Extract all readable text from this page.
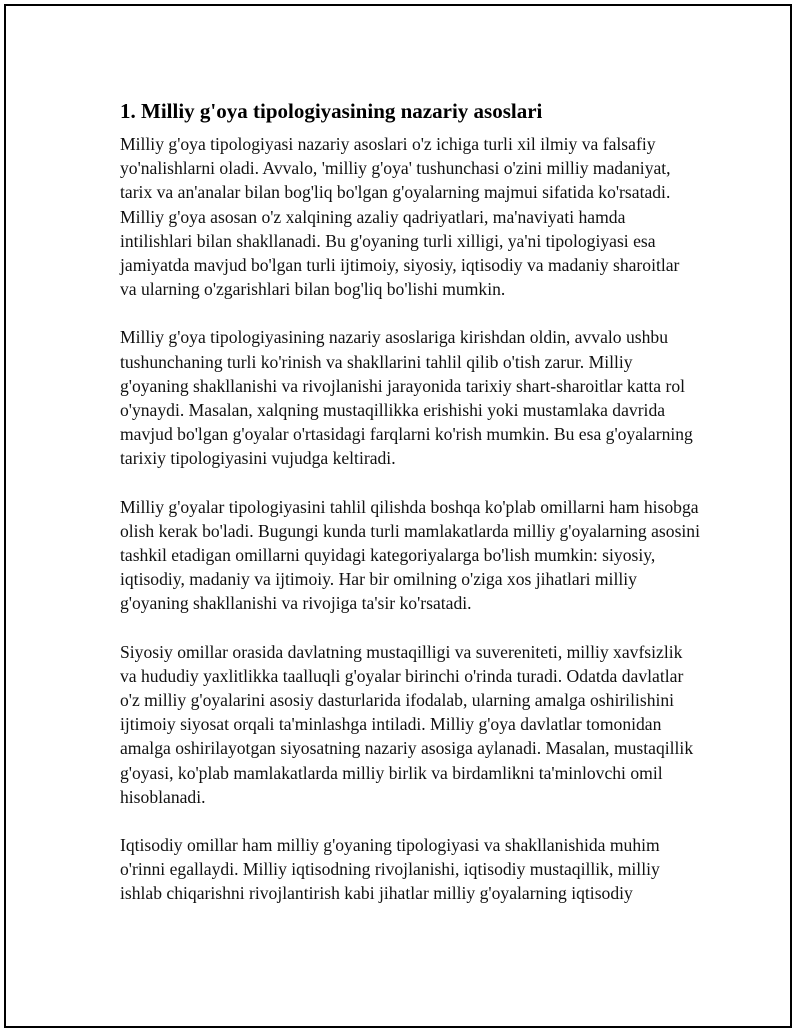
1. Milliy g'oya tipologiyasining nazariy asoslari

Milliy g'oya tipologiyasi nazariy asoslari o'z ichiga turli xil ilmiy va falsafiy yo'nalishlarni oladi. Avvalo, 'milliy g'oya' tushunchasi o'zini milliy madaniyat, tarix va an'analar bilan bog'liq bo'lgan g'oyalarning majmui sifatida ko'rsatadi. Milliy g'oya asosan o'z xalqining azaliy qadriyatlari, ma'naviyati hamda intilishlari bilan shakllanadi. Bu g'oyaning turli xilligi, ya'ni tipologiyasi esa jamiyatda mavjud bo'lgan turli ijtimoiy, siyosiy, iqtisodiy va madaniy sharoitlar va ularning o'zgarishlari bilan bog'liq bo'lishi mumkin.

Milliy g'oya tipologiyasining nazariy asoslariga kirishdan oldin, avvalo ushbu tushunchaning turli ko'rinish va shakllarini tahlil qilib o'tish zarur. Milliy g'oyaning shakllanishi va rivojlanishi jarayonida tarixiy shart-sharoitlar katta rol o'ynaydi. Masalan, xalqning mustaqillikka erishishi yoki mustamlaka davrida mavjud bo'lgan g'oyalar o'rtasidagi farqlarni ko'rish mumkin. Bu esa g'oyalarning tarixiy tipologiyasini vujudga keltiradi.

Milliy g'oyalar tipologiyasini tahlil qilishda boshqa ko'plab omillarni ham hisobga olish kerak bo'ladi. Bugungi kunda turli mamlakatlarda milliy g'oyalarning asosini tashkil etadigan omillarni quyidagi kategoriyalarga bo'lish mumkin: siyosiy, iqtisodiy, madaniy va ijtimoiy. Har bir omilning o'ziga xos jihatlari milliy g'oyaning shakllanishi va rivojiga ta'sir ko'rsatadi.

Siyosiy omillar orasida davlatning mustaqilligi va suvereniteti, milliy xavfsizlik va hududiy yaxlitlikka taalluqli g'oyalar birinchi o'rinda turadi. Odatda davlatlar o'z milliy g'oyalarini asosiy dasturlarida ifodalab, ularning amalga oshirilishini ijtimoiy siyosat orqali ta'minlashga intiladi. Milliy g'oya davlatlar tomonidan amalga oshirilayotgan siyosatning nazariy asosiga aylanadi. Masalan, mustaqillik g'oyasi, ko'plab mamlakatlarda milliy birlik va birdamlikni ta'minlovchi omil hisoblanadi.

Iqtisodiy omillar ham milliy g'oyaning tipologiyasi va shakllanishida muhim o'rinni egallaydi. Milliy iqtisodning rivojlanishi, iqtisodiy mustaqillik, milliy ishlab chiqarishni rivojlantirish kabi jihatlar milliy g'oyalarning iqtisodiy
